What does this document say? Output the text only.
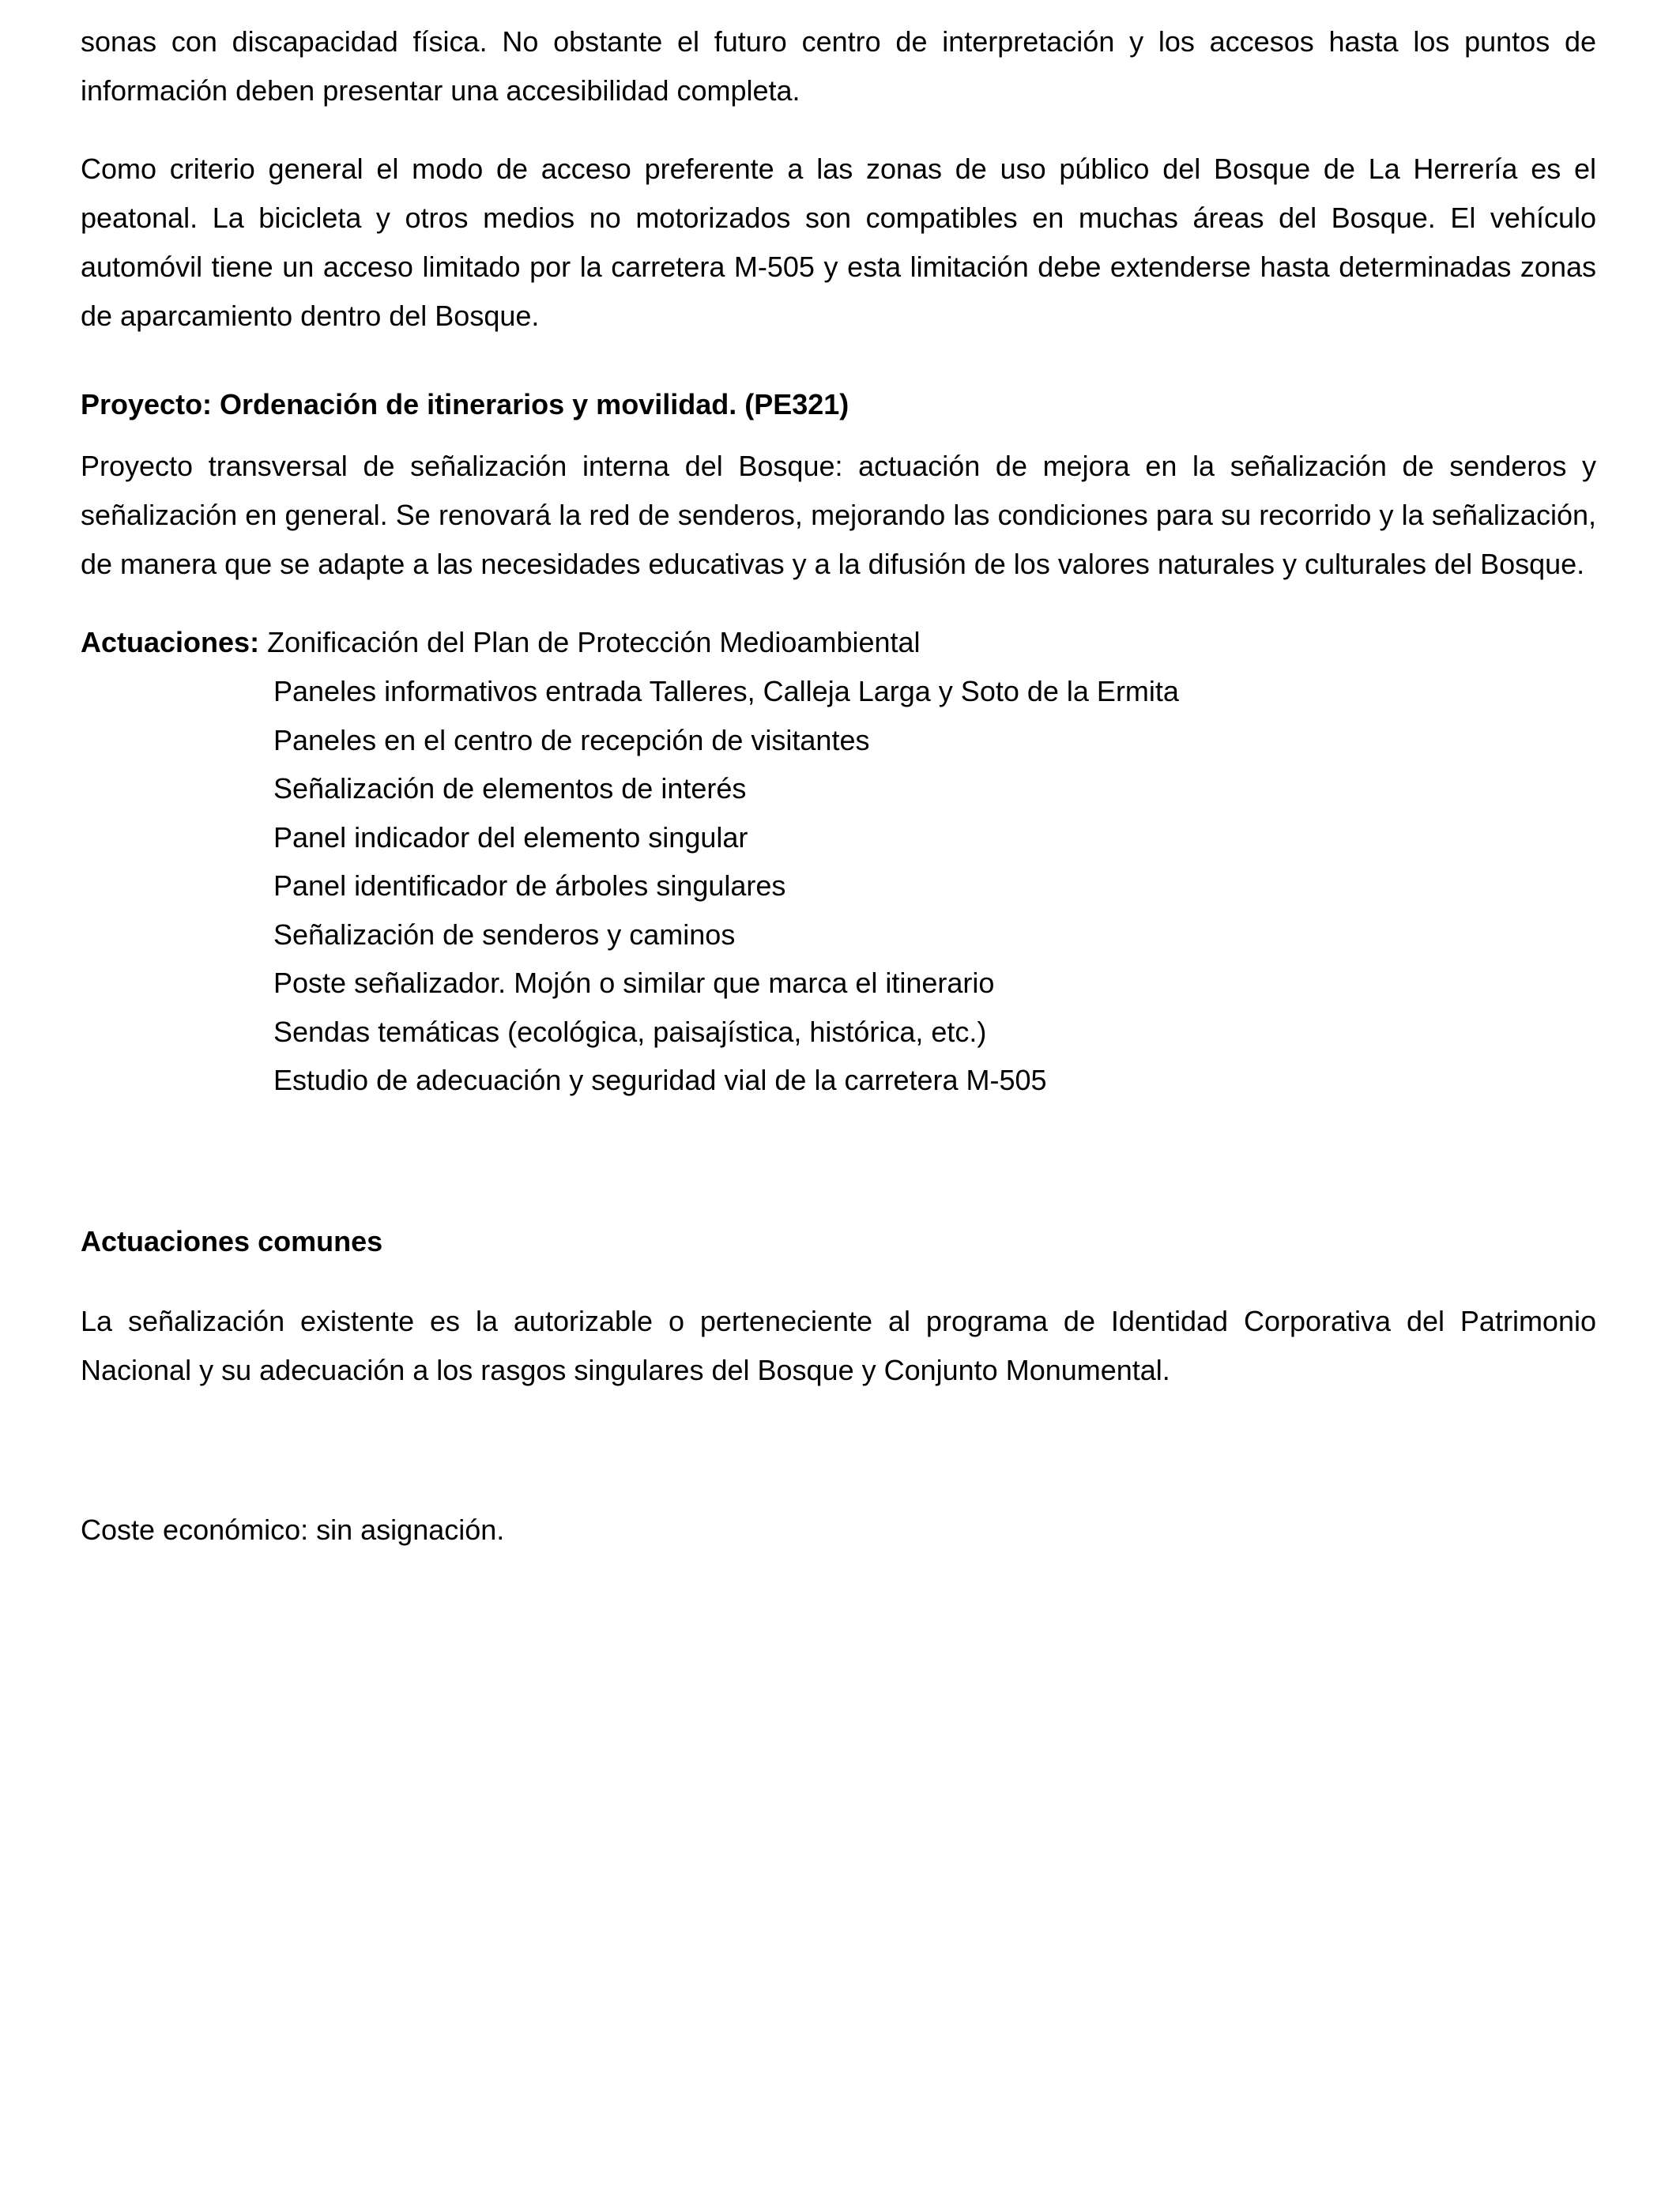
sonas con discapacidad física. No obstante el futuro centro de interpretación y los accesos hasta los puntos de información deben presentar una accesibilidad completa.

Como criterio general el modo de acceso preferente a las zonas de uso público del Bosque de La Herrería es el peatonal. La bicicleta y otros medios no motorizados son compatibles en muchas áreas del Bosque. El vehículo automóvil tiene un acceso limitado por la carretera M-505 y esta limitación debe extenderse hasta determinadas zonas de aparcamiento dentro del Bosque.

Proyecto: Ordenación de itinerarios y movilidad. (PE321)

Proyecto transversal de señalización interna del Bosque: actuación de mejora en la señalización de senderos y señalización en general. Se renovará la red de senderos, mejorando las condiciones para su recorrido y la señalización, de manera que se adapte a las necesidades educativas y a la difusión de los valores naturales y culturales del Bosque.

Actuaciones: Zonificación del Plan de Protección Medioambiental

Paneles informativos entrada Talleres, Calleja Larga y Soto de la Ermita
Paneles en el centro de recepción de visitantes
Señalización de elementos de interés
Panel indicador del elemento singular
Panel identificador de árboles singulares
Señalización de senderos y caminos
Poste señalizador. Mojón o similar que marca el itinerario
Sendas temáticas (ecológica, paisajística, histórica, etc.)
Estudio de adecuación y seguridad vial de la carretera M-505
Actuaciones comunes

La señalización existente es la autorizable o perteneciente al programa de Identidad Corporativa del Patrimonio Nacional y su adecuación a los rasgos singulares del Bosque y Conjunto Monumental.

Coste económico: sin asignación.
